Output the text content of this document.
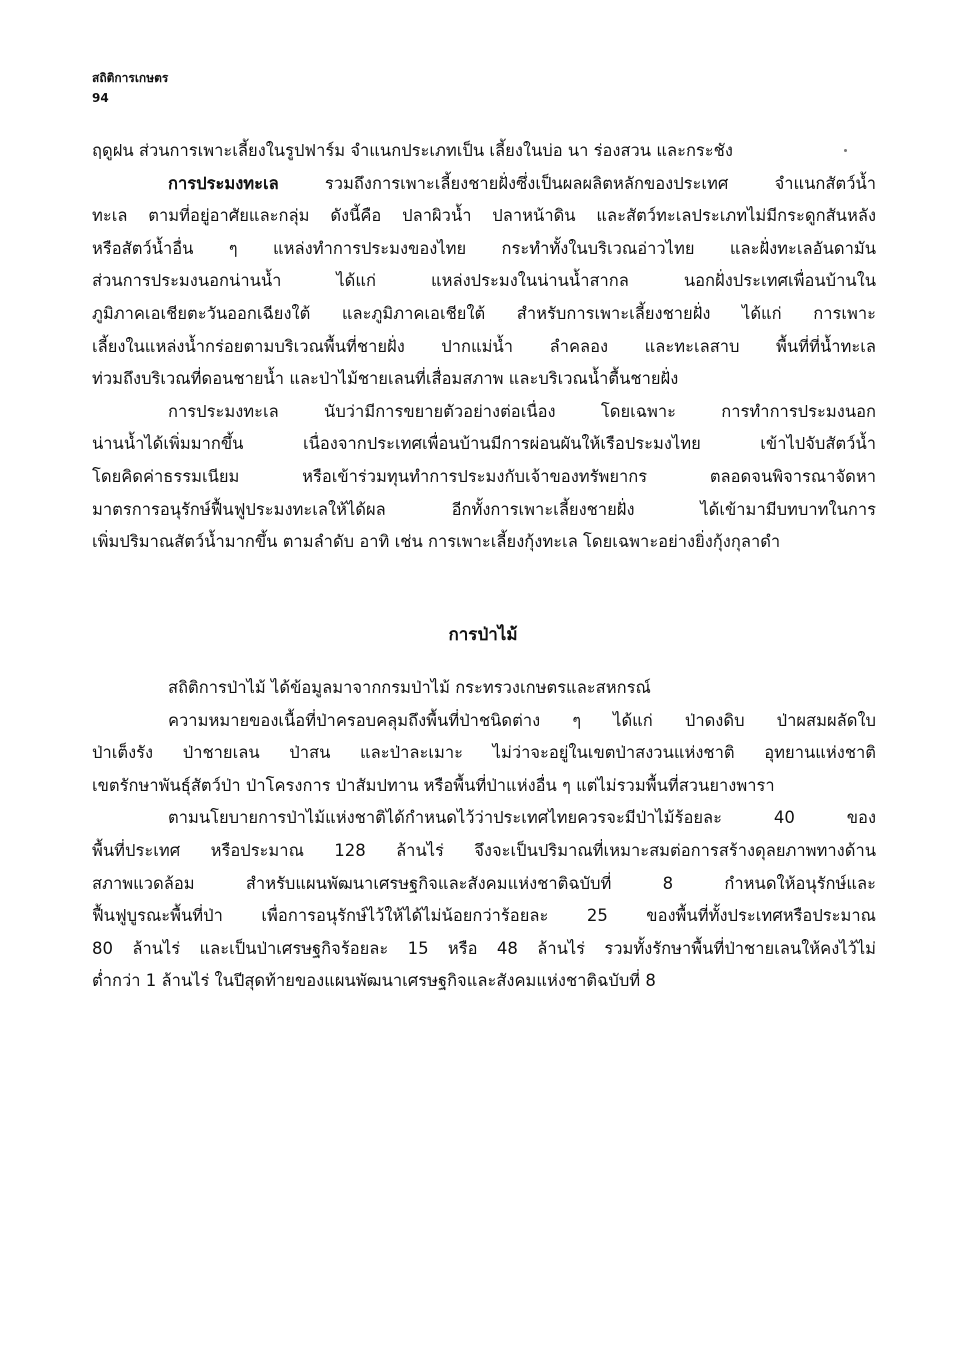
สถิติการเกษตร
94
ฤดูฝน ส่วนการเพาะเลี้ยงในรูปฟาร์ม จำแนกประเภทเป็น เลี้ยงในบ่อ นา ร่องสวน และกระชัง
การประมงทะเล	รวมถึงการเพาะเลี้ยงชายฝั่งซึ่งเป็นผลผลิตหลักของประเทศ จำแนกสัตว์น้ำ
ทะเล ตามที่อยู่อาศัยและกลุ่ม ดังนี้คือ ปลาผิวน้ำ ปลาหน้าดิน และสัตว์ทะเลประเภทไม่มีกระดูกสันหลัง
หรือสัตว์น้ำอื่น ๆ แหล่งทำการประมงของไทย กระทำทั้งในบริเวณอ่าวไทย และฝั่งทะเลอันดามัน
ส่วนการประมงนอกน่านน้ำ ได้แก่ แหล่งประมงในน่านน้ำสากล นอกฝั่งประเทศเพื่อนบ้านใน
ภูมิภาคเอเชียตะวันออกเฉียงใต้ และภูมิภาคเอเชียใต้ สำหรับการเพาะเลี้ยงชายฝั่ง ได้แก่ การเพาะ
เลี้ยงในแหล่งน้ำกร่อยตามบริเวณพื้นที่ชายฝั่ง ปากแม่น้ำ ลำคลอง และทะเลสาบ พื้นที่ที่น้ำทะเล
ท่วมถึงบริเวณที่ดอนชายน้ำ และป่าไม้ชายเลนที่เสื่อมสภาพ และบริเวณน้ำตื้นชายฝั่ง
การประมงทะเล นับว่ามีการขยายตัวอย่างต่อเนื่อง โดยเฉพาะ การทำการประมงนอก
น่านน้ำได้เพิ่มมากขึ้น เนื่องจากประเทศเพื่อนบ้านมีการผ่อนผันให้เรือประมงไทย เข้าไปจับสัตว์น้ำ
โดยคิดค่าธรรมเนียม หรือเข้าร่วมทุนทำการประมงกับเจ้าของทรัพยากร ตลอดจนพิจารณาจัดหา
มาตรการอนุรักษ์ฟื้นฟูประมงทะเลให้ได้ผล อีกทั้งการเพาะเลี้ยงชายฝั่ง ได้เข้ามามีบทบาทในการ
เพิ่มปริมาณสัตว์น้ำมากขึ้น ตามลำดับ อาทิ เช่น การเพาะเลี้ยงกุ้งทะเล โดยเฉพาะอย่างยิ่งกุ้งกุลาดำ
การป่าไม้
สถิติการป่าไม้ ได้ข้อมูลมาจากกรมป่าไม้ กระทรวงเกษตรและสหกรณ์
ความหมายของเนื้อที่ป่าครอบคลุมถึงพื้นที่ป่าชนิดต่าง ๆ ได้แก่ ป่าดงดิบ ป่าผสมผลัดใบ
ป่าเต็งรัง ป่าชายเลน ป่าสน และป่าละเมาะ ไม่ว่าจะอยู่ในเขตป่าสงวนแห่งชาติ อุทยานแห่งชาติ
เขตรักษาพันธุ์สัตว์ป่า ป่าโครงการ ป่าสัมปทาน หรือพื้นที่ป่าแห่งอื่น ๆ แต่ไม่รวมพื้นที่สวนยางพารา
ตามนโยบายการป่าไม้แห่งชาติได้กำหนดไว้ว่าประเทศไทยควรจะมีป่าไม้ร้อยละ 40 ของ
พื้นที่ประเทศ หรือประมาณ 128 ล้านไร่ จึงจะเป็นปริมาณที่เหมาะสมต่อการสร้างดุลยภาพทางด้าน
สภาพแวดล้อม สำหรับแผนพัฒนาเศรษฐกิจและสังคมแห่งชาติฉบับที่ 8 กำหนดให้อนุรักษ์และ
ฟื้นฟูบูรณะพื้นที่ป่า เพื่อการอนุรักษ์ไว้ให้ได้ไม่น้อยกว่าร้อยละ 25 ของพื้นที่ทั้งประเทศหรือประมาณ
80 ล้านไร่ และเป็นป่าเศรษฐกิจร้อยละ 15 หรือ 48 ล้านไร่ รวมทั้งรักษาพื้นที่ป่าชายเลนให้คงไว้ไม่
ต่ำกว่า 1 ล้านไร่ ในปีสุดท้ายของแผนพัฒนาเศรษฐกิจและสังคมแห่งชาติฉบับที่ 8
